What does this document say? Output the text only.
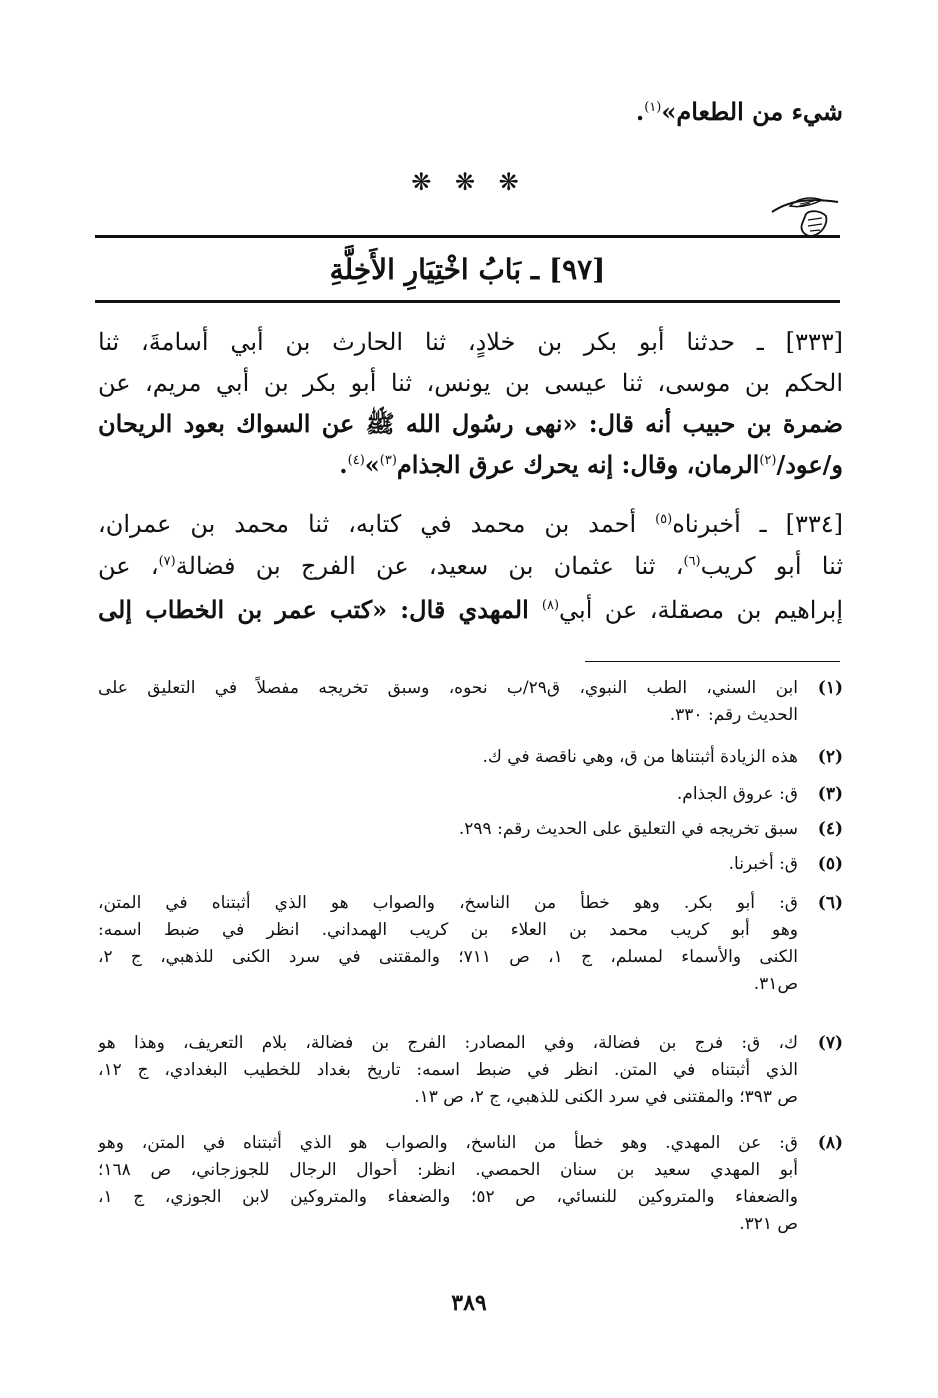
شيء من الطعام»$^{(١)}$.
❋ ❋ ❋
[٩٧] ـ بَابُ اخْتِيَارِ الأَخِلَّةِ
[٣٣٣] ـ حدثنا أبو بكر بن خلادٍ، ثنا الحارث بن أبي أسامةَ، ثنا
الحكم بن موسى، ثنا عيسى بن يونس، ثنا أبو بكر بن أبي مريم، عن
ضمرة بن حبيب أنه قال: «نهى رسُول الله ﷺ عن السواك بعود الريحان
و/عود/$^{(٢)}$الرمان، وقال: إنه يحرك عرق الجذام$^{(٣)}$»$^{(٤)}$.
[٣٣٤] ـ أخبرناه$^{(٥)}$ أحمد بن محمد في كتابه، ثنا محمد بن عمران،
ثنا أبو كريب$^{(٦)}$، ثنا عثمان بن سعيد، عن الفرج بن فضالة$^{(٧)}$، عن
إبراهيم بن مصقلة، عن أبي$^{(٨)}$ المهدي قال: «كتب عمر بن الخطاب إلى
(١)
ابن السني، الطب النبوي، ق٢٩/ب نحوه، وسبق تخريجه مفصلاً في التعليق على
الحديث رقم: ٣٣٠.
(٢)
هذه الزيادة أثبتناها من ق، وهي ناقصة في ك.
(٣)
ق: عروق الجذام.
(٤)
سبق تخريجه في التعليق على الحديث رقم: ٢٩٩.
(٥)
ق: أخبرنا.
(٦)
ق: أبو بكر. وهو خطأ من الناسخ، والصواب هو الذي أثبتناه في المتن،
وهو أبو كريب محمد بن العلاء بن كريب الهمداني. انظر في ضبط اسمه:
الكنى والأسماء لمسلم، ج ١، ص ٧١١؛ والمقتنى في سرد الكنى للذهبي، ج ٢،
ص٣١.
(٧)
ك، ق: فرج بن فضالة، وفي المصادر: الفرج بن فضالة، بلام التعريف، وهذا هو
الذي أثبتناه في المتن. انظر في ضبط اسمه: تاريخ بغداد للخطيب البغدادي، ج ١٢،
ص ٣٩٣؛ والمقتنى في سرد الكنى للذهبي، ج ٢، ص ١٣.
(٨)
ق: عن المهدي. وهو خطأ من الناسخ، والصواب هو الذي أثبتناه في المتن، وهو
أبو المهدي سعيد بن سنان الحمصي. انظر: أحوال الرجال للجوزجاني، ص ١٦٨؛
والضعفاء والمتروكين للنسائي، ص ٥٢؛ والضعفاء والمتروكين لابن الجوزي، ج ١،
ص ٣٢١.
٣٨٩
